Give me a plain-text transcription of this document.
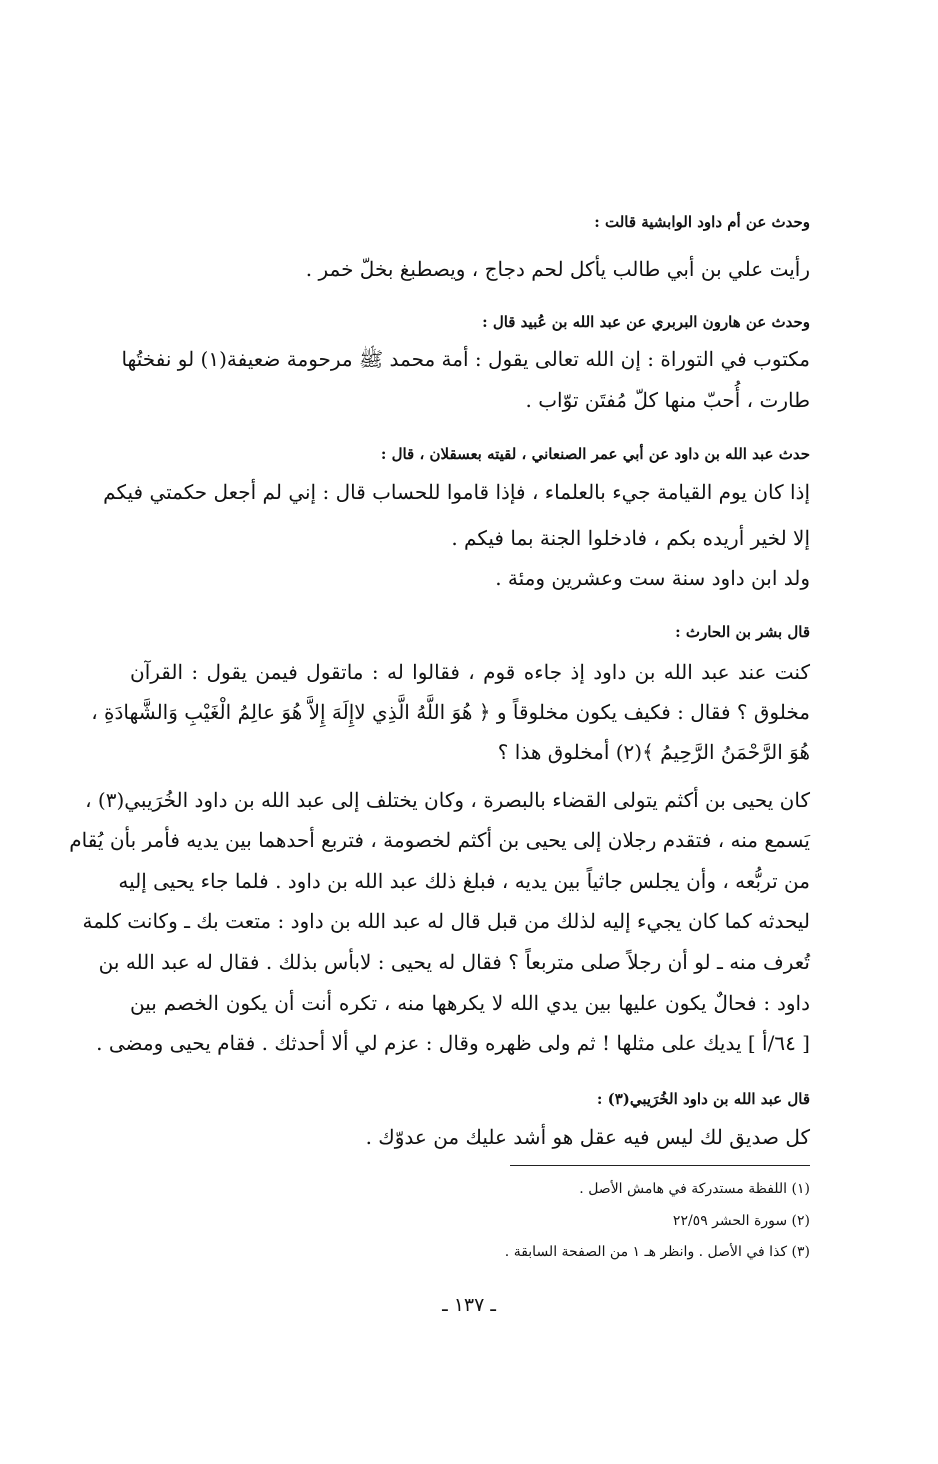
وحدث عن أم داود الوابشية قالت :
رأيت علي بن أبي طالب يأكل لحم دجاج ، ويصطبغ بخلّ خمر .
وحدث عن هارون البربري عن عبد الله بن عُبيد قال :
مكتوب في التوراة : إن الله تعالى يقول : أمة محمد ﷺ مرحومة ضعيفة(١) لو نفختُها
طارت ، أُحبّ منها كلّ مُفتَن توّاب .
حدث عبد الله بن داود عن أبي عمر الصنعاني ، لقيته بعسقلان ، قال :
إذا كان يوم القيامة جيء بالعلماء ، فإذا قاموا للحساب قال : إني لم أجعل حكمتي فيكم
إلا لخير أريده بكم ، فادخلوا الجنة بما فيكم .
ولد ابن داود سنة ست وعشرين ومئة .
قال بشر بن الحارث :
كنت عند عبد الله بن داود إذ جاءه قوم ، فقالوا له : ماتقول فيمن يقول : القرآن
مخلوق ؟ فقال : فكيف يكون مخلوقاً و ﴿ هُوَ اللَّهُ الَّذِي لاإِلَهَ إِلاَّ هُوَ عالِمُ الْغَيْبِ وَالشَّهادَةِ ،
هُوَ الرَّحْمَنُ الرَّحِيمُ ﴾(٢) أمخلوق هذا ؟
كان يحيى بن أكثم يتولى القضاء بالبصرة ، وكان يختلف إلى عبد الله بن داود الخُرَيبي(٣) ،
يَسمع منه ، فتقدم رجلان إلى يحيى بن أكثم لخصومة ، فتربع أحدهما بين يديه فأمر بأن يُقام
من تربُّعه ، وأن يجلس جاثياً بين يديه ، فبلغ ذلك عبد الله بن داود . فلما جاء يحيى إليه
ليحدثه كما كان يجيء إليه لذلك من قبل قال له عبد الله بن داود : متعت بك ـ وكانت كلمة
تُعرف منه ـ لو أن رجلاً صلى متربعاً ؟ فقال له يحيى : لابأس بذلك . فقال له عبد الله بن
داود : فحالٌ يكون عليها بين يدي الله لا يكرهها منه ، تكره أنت أن يكون الخصم بين
[ ٦٤/أ ] يديك على مثلها ! ثم ولى ظهره وقال : عزم لي ألا أحدثك . فقام يحيى ومضى .
قال عبد الله بن داود الخُرَيبي(٣) :
كل صديق لك ليس فيه عقل هو أشد عليك من عدوّك .
(١) اللفظة مستدركة في هامش الأصل .
(٢) سورة الحشر ٢٢/٥٩
(٣) كذا في الأصل . وانظر هـ ١ من الصفحة السابقة .
ـ ١٣٧ ـ
